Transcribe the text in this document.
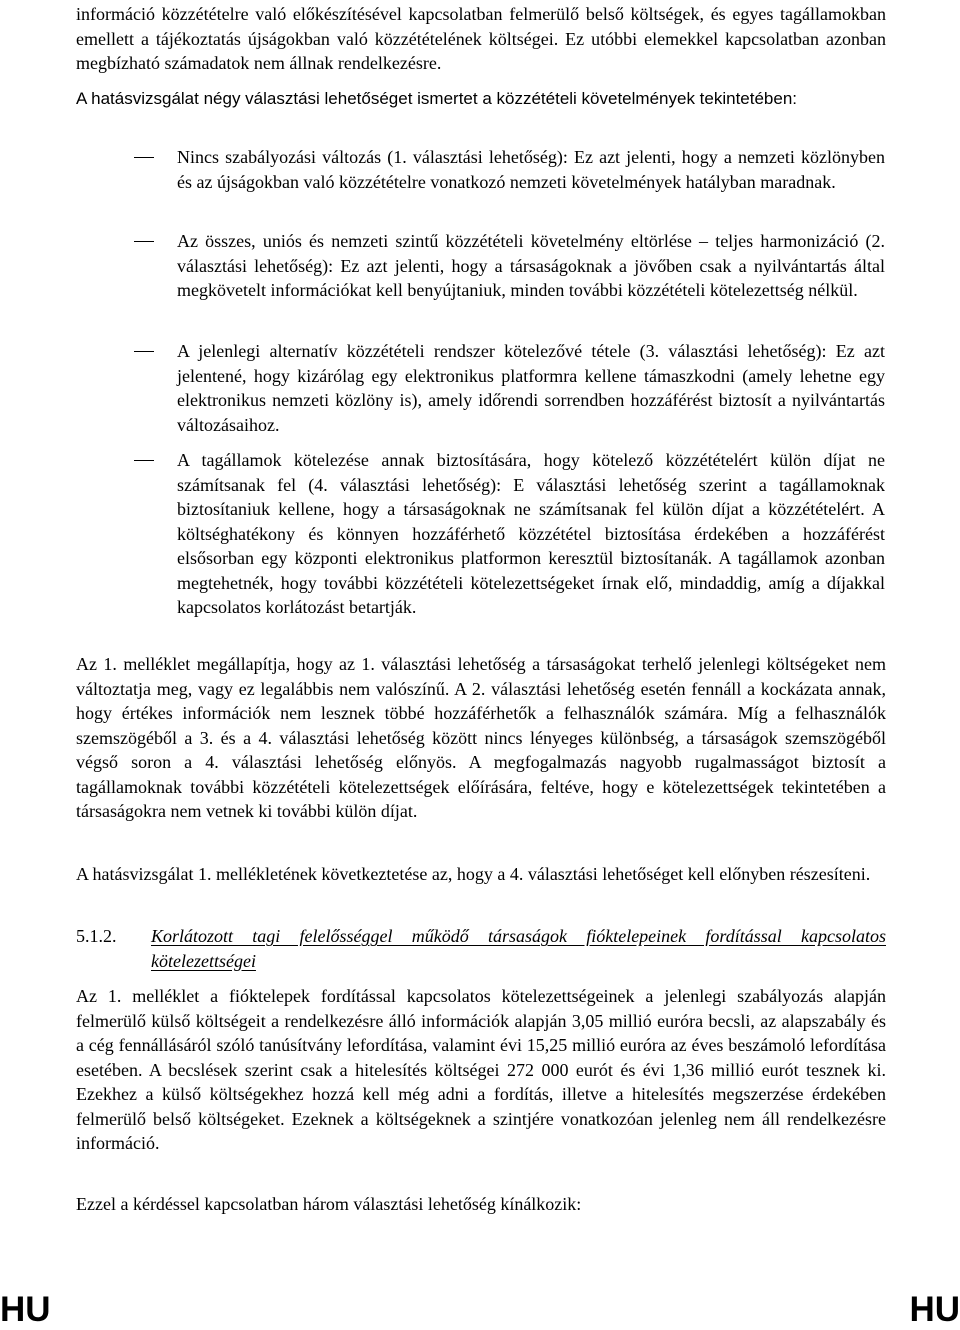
információ közzétételre való előkészítésével kapcsolatban felmerülő belső költségek, és egyes tagállamokban emellett a tájékoztatás újságokban való közzétételének költségei. Ez utóbbi elemekkel kapcsolatban azonban megbízható számadatok nem állnak rendelkezésre.

A hatásvizsgálat négy választási lehetőséget ismertet a közzétételi követelmények tekintetében:

Nincs szabályozási változás (1. választási lehetőség): Ez azt jelenti, hogy a nemzeti közlönyben és az újságokban való közzétételre vonatkozó nemzeti követelmények hatályban maradnak.
Az összes, uniós és nemzeti szintű közzétételi követelmény eltörlése – teljes harmonizáció (2. választási lehetőség): Ez azt jelenti, hogy a társaságoknak a jövőben csak a nyilvántartás által megkövetelt információkat kell benyújtaniuk, minden további közzétételi kötelezettség nélkül.
A jelenlegi alternatív közzétételi rendszer kötelezővé tétele (3. választási lehetőség): Ez azt jelentené, hogy kizárólag egy elektronikus platformra kellene támaszkodni (amely lehetne egy elektronikus nemzeti közlöny is), amely időrendi sorrendben hozzáférést biztosít a nyilvántartás változásaihoz.
A tagállamok kötelezése annak biztosítására, hogy kötelező közzétételért külön díjat ne számítsanak fel (4. választási lehetőség): E választási lehetőség szerint a tagállamoknak biztosítaniuk kellene, hogy a társaságoknak ne számítsanak fel külön díjat a közzétételért. A költséghatékony és könnyen hozzáférhető közzététel biztosítása érdekében a hozzáférést elsősorban egy központi elektronikus platformon keresztül biztosítanák. A tagállamok azonban megtehetnék, hogy további közzétételi kötelezettségeket írnak elő, mindaddig, amíg a díjakkal kapcsolatos korlátozást betartják.

Az 1. melléklet megállapítja, hogy az 1. választási lehetőség a társaságokat terhelő jelenlegi költségeket nem változtatja meg, vagy ez legalábbis nem valószínű. A 2. választási lehetőség esetén fennáll a kockázata annak, hogy értékes információk nem lesznek többé hozzáférhetők a felhasználók számára. Míg a felhasználók szemszögéből a 3. és a 4. választási lehetőség között nincs lényeges különbség, a társaságok szemszögéből végső soron a 4. választási lehetőség előnyös. A megfogalmazás nagyobb rugalmasságot biztosít a tagállamoknak további közzétételi kötelezettségek előírására, feltéve, hogy e kötelezettségek tekintetében a társaságokra nem vetnek ki további külön díjat.

A hatásvizsgálat 1. mellékletének következtetése az, hogy a 4. választási lehetőséget kell előnyben részesíteni.

5.1.2. Korlátozott tagi felelősséggel működő társaságok fióktelepeinek fordítással kapcsolatos kötelezettségei

Az 1. melléklet a fióktelepek fordítással kapcsolatos kötelezettségeinek a jelenlegi szabályozás alapján felmerülő külső költségeit a rendelkezésre álló információk alapján 3,05 millió euróra becsli, az alapszabály és a cég fennállásáról szóló tanúsítvány lefordítása, valamint évi 15,25 millió euróra az éves beszámoló lefordítása esetében. A becslések szerint csak a hitelesítés költségei 272 000 eurót és évi 1,36 millió eurót tesznek ki. Ezekhez a külső költségekhez hozzá kell még adni a fordítás, illetve a hitelesítés megszerzése érdekében felmerülő belső költségeket. Ezeknek a költségeknek a szintjére vonatkozóan jelenleg nem áll rendelkezésre információ.

Ezzel a kérdéssel kapcsolatban három választási lehetőség kínálkozik:

HU	HU
